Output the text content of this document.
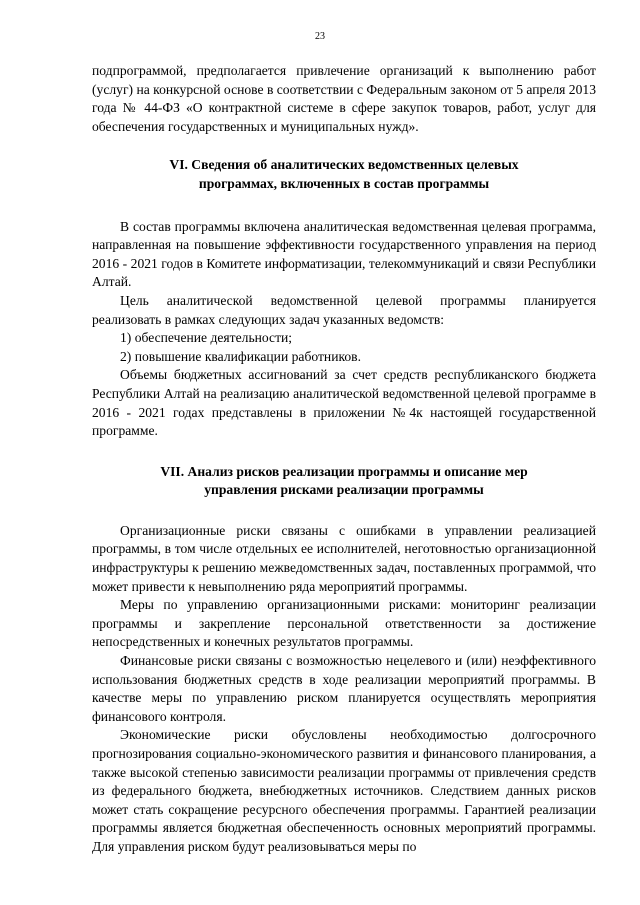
23

подпрограммой, предполагается привлечение организаций к выполнению работ (услуг) на конкурсной основе в соответствии с Федеральным законом от 5 апреля 2013 года № 44-ФЗ «О контрактной системе в сфере закупок товаров, работ, услуг для обеспечения государственных и муниципальных нужд».

VI. Сведения об аналитических ведомственных целевых
программах, включенных в состав программы

В состав программы включена аналитическая ведомственная целевая программа, направленная на повышение эффективности государственного управления на период 2016 - 2021 годов в Комитете информатизации, телекоммуникаций и связи Республики Алтай.

Цель аналитической ведомственной целевой программы планируется реализовать в рамках следующих задач указанных ведомств:

1) обеспечение деятельности;

2) повышение квалификации работников.

Объемы бюджетных ассигнований за счет средств республиканского бюджета Республики Алтай на реализацию аналитической ведомственной целевой программе в 2016 - 2021 годах представлены в приложении №4к настоящей государственной программе.

VII. Анализ рисков реализации программы и описание мер
управления рисками реализации программы

Организационные риски связаны с ошибками в управлении реализацией программы, в том числе отдельных ее исполнителей, неготовностью организационной инфраструктуры к решению межведомственных задач, поставленных программой, что может привести к невыполнению ряда мероприятий программы.

Меры по управлению организационными рисками: мониторинг реализации программы и закрепление персональной ответственности за достижение непосредственных и конечных результатов программы.

Финансовые риски связаны с возможностью нецелевого и (или) неэффективного использования бюджетных средств в ходе реализации мероприятий программы. В качестве меры по управлению риском планируется осуществлять мероприятия финансового контроля.

Экономические риски обусловлены необходимостью долгосрочного прогнозирования социально-экономического развития и финансового планирования, а также высокой степенью зависимости реализации программы от привлечения средств из федерального бюджета, внебюджетных источников. Следствием данных рисков может стать сокращение ресурсного обеспечения программы. Гарантией реализации программы является бюджетная обеспеченность основных мероприятий программы. Для управления риском будут реализовываться меры по
